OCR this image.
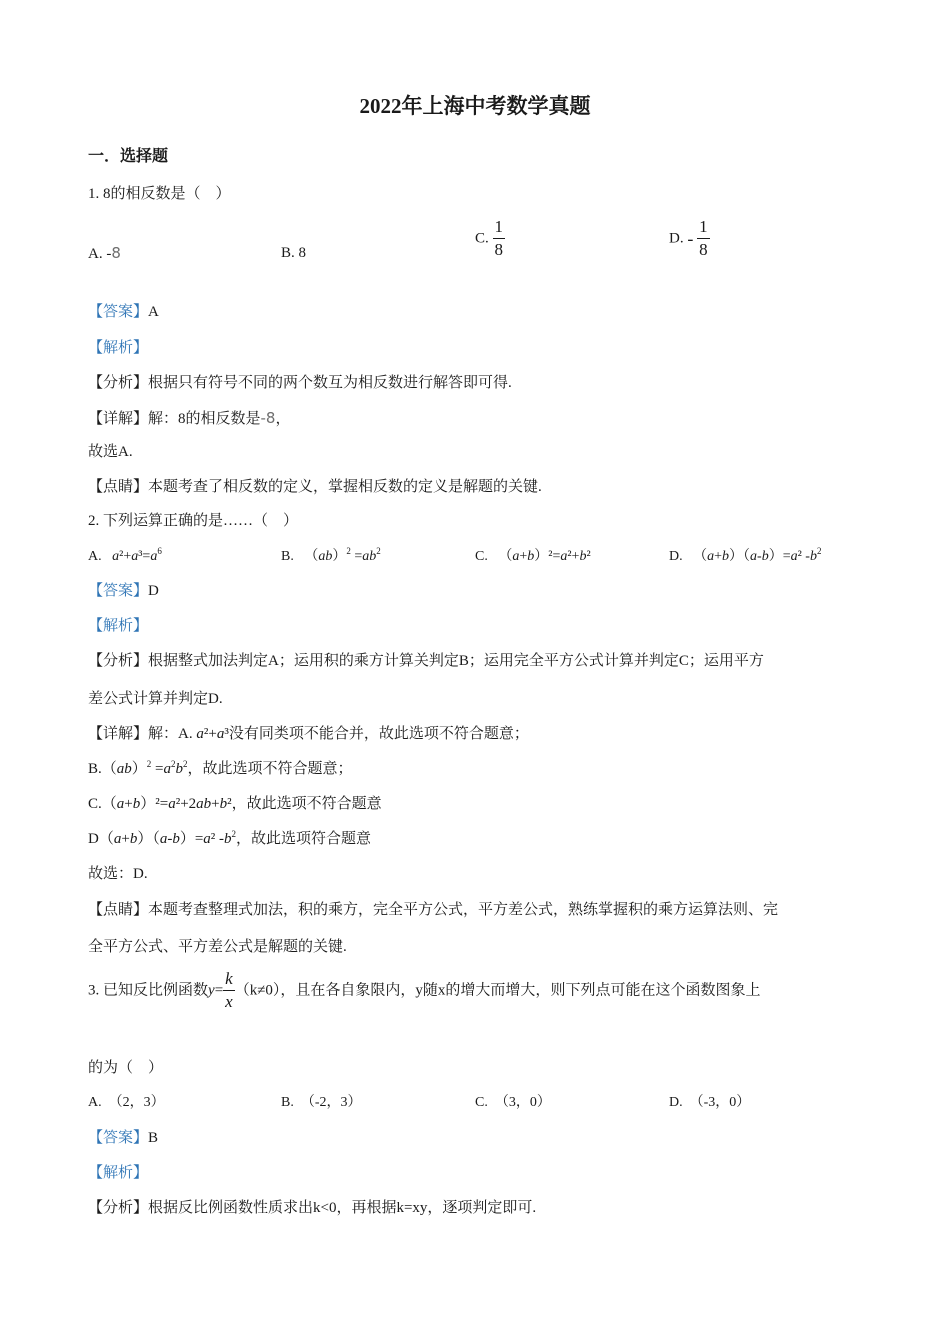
2022年上海中考数学真题
一．选择题
1. 8的相反数是（　）
A. -8	B. 8
C. $\frac{1}{8}$	D. - $\frac{1}{8}$
【答案】A
【解析】
【分析】根据只有符号不同的两个数互为相反数进行解答即可得.
【详解】解：8的相反数是-8，
故选A.
【点睛】本题考查了相反数的定义，掌握相反数的定义是解题的关键.
2. 下列运算正确的是……（　）
A.   $a^2+a^3=a^6$	B.   $(ab)^2 =ab^2$	C.   （a+b）²=a²+b²	D.   （a+b）（a-b）=a² $-b^2$
【答案】D
【解析】
【分析】根据整式加法判定A；运用积的乘方计算关判定B；运用完全平方公式计算并判定C；运用平方
差公式计算并判定D.
【详解】解：A. a²+a³没有同类项不能合并，故此选项不符合题意；
$B.(ab)^2 =a^2b^2$，故此选项不符合题意；
C.（a+b）²=a²+2ab+b²，故此选项不符合题意
D（a+b）（a-b）=a² $-b^2$，故此选项符合题意
故选：D.
【点睛】本题考查整理式加法，积的乘方，完全平方公式，平方差公式，熟练掌握积的乘方运算法则、完
全平方公式、平方差公式是解题的关键.
3. 已知反比例函数$y= \frac{k}{x} (k\ne 0)$，且在各自象限内，y随x的增大而增大，则下列点可能在这个函数图象上
的为（　）
A.　（2，3）	B.　（-2，3）	C.　（3，0）	D.　（-3，0）
【答案】B
【解析】
【分析】根据反比例函数性质求出k<0，再根据k=xy，逐项判定即可.
